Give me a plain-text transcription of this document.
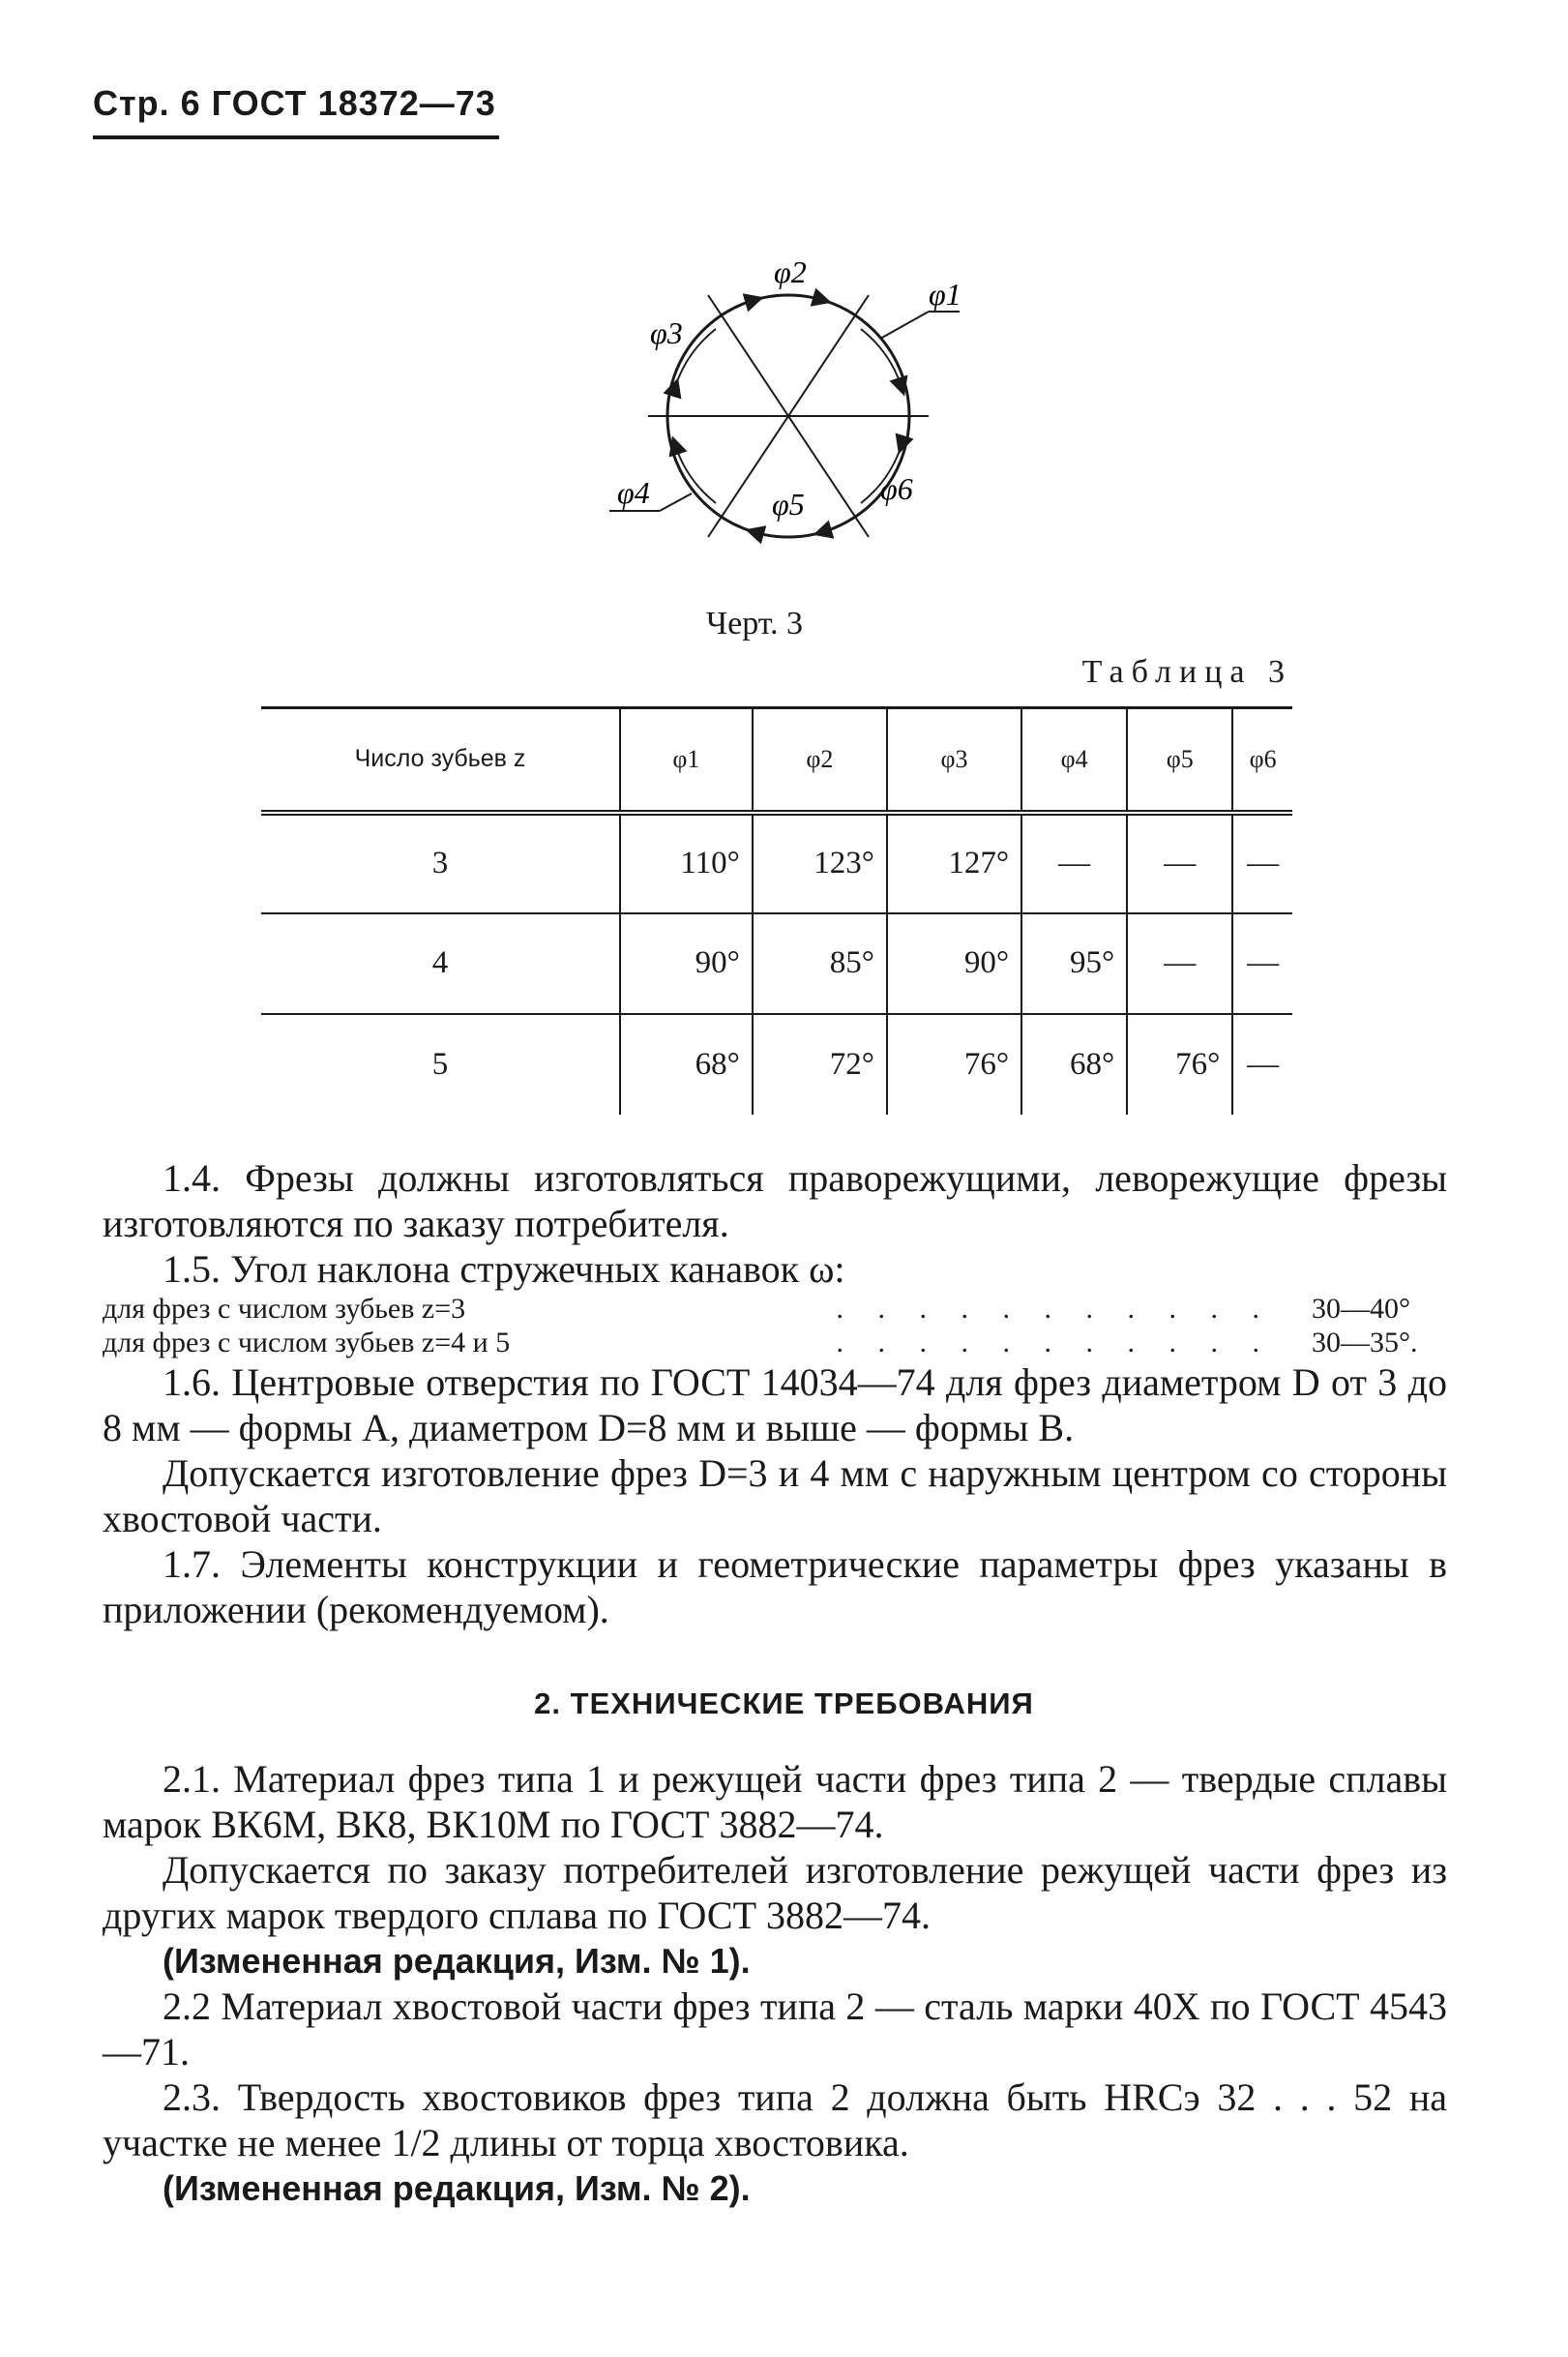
Стр. 6 ГОСТ 18372—73
φ1
φ2
φ3
φ4	φ5 φ6
Черт. 3
Таблица 3
Число зубьев z	φ1	φ2	φ3	φ4	φ5	φ6
3	110°	123°	127°	—	—	—
4	90°	85°	90°	95°	—	—
5	68°	72°	76°	68°	76°	—

1.4. Фрезы должны изготовляться праворежущими, леворежущие фрезы изготовляются по заказу потребителя.

1.5. Угол наклона стружечных канавок ω:

для фрез с числом зубьев z=3	. . . . . . . . . . .	30—40°
для фрез с числом зубьев z=4 и 5	. . . . . . . . . . .	30—35°.

1.6. Центровые отверстия по ГОСТ 14034—74 для фрез диаметром D от 3 до 8 мм — формы А, диаметром D=8 мм и выше — формы В.

Допускается изготовление фрез D=3 и 4 мм с наружным центром со стороны хвостовой части.

1.7. Элементы конструкции и геометрические параметры фрез указаны в приложении (рекомендуемом).

2. ТЕХНИЧЕСКИЕ ТРЕБОВАНИЯ

2.1. Материал фрез типа 1 и режущей части фрез типа 2 — твердые сплавы марок ВК6М, ВК8, ВК10М по ГОСТ 3882—74.

Допускается по заказу потребителей изготовление режущей части фрез из других марок твердого сплава по ГОСТ 3882—74.

(Измененная редакция, Изм. № 1).

2.2 Материал хвостовой части фрез типа 2 — сталь марки 40Х по ГОСТ 4543—71.

2.3. Твердость хвостовиков фрез типа 2 должна быть HRCэ 32 . . . 52 на участке не менее 1/2 длины от торца хвостовика.

(Измененная редакция, Изм. № 2).
